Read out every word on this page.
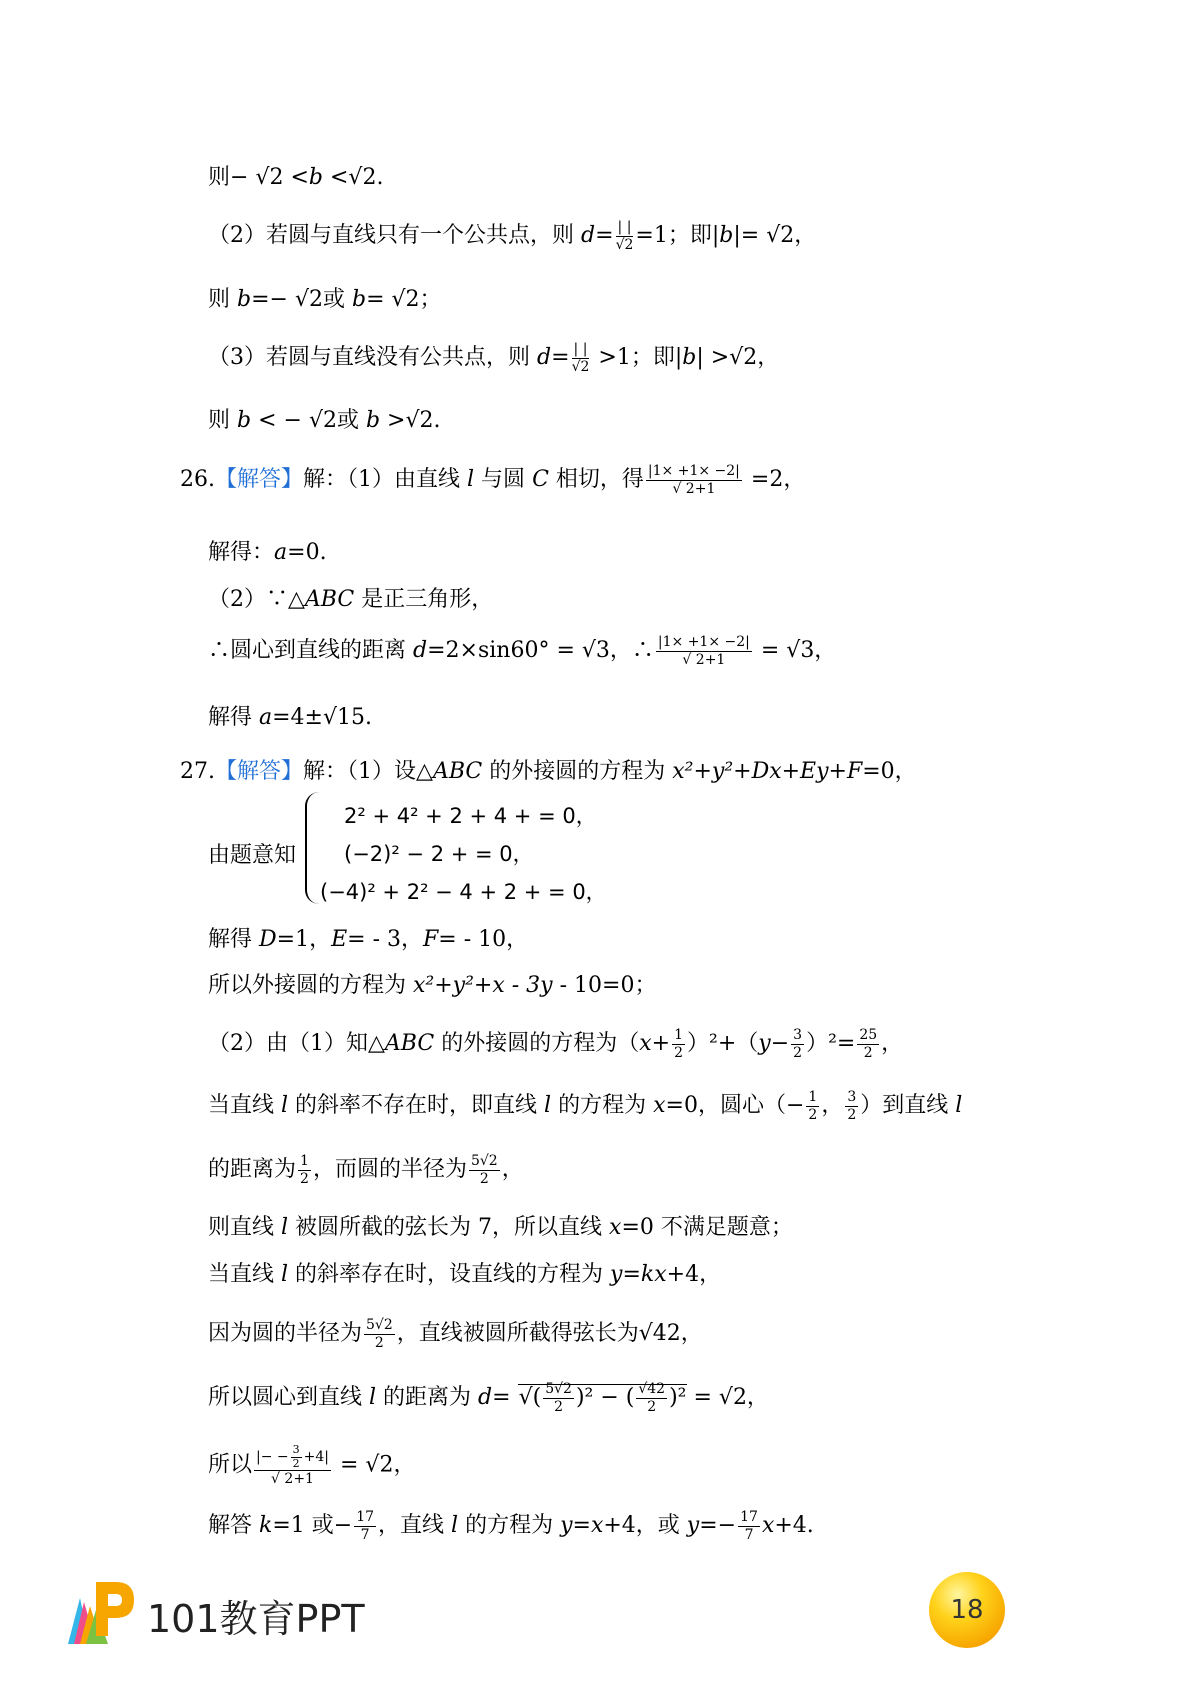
则− √2 <b <√2.
（2）若圆与直线只有一个公共点，则 $d= \frac{| |}{√2} =1$；即|b|= √2，
则 b=− √2或 b= √2；
（3）若圆与直线没有公共点，则 $d= \frac{| |}{√2} >1$；即|b| >√2，
则 b < − √2或 b >√2.
26.【解答】解：（1）由直线 l 与圆 C 相切，得 $\frac{|1\times +1\times -2|}{√ 2+1} =2$，
解得：a=0.
（2）∵△ABC 是正三角形，
∴圆心到直线的距离 d=2×sin60° = √3，∴ $\frac{|1\times +1\times -2|}{√ 2+1} = √3$，
解得 a=4±√15.
27.【解答】解：（1）设△ABC 的外接圆的方程为 x²+y²+Dx+Ey+F=0，
由题意知
2² + 4² + 2 + 4 + = 0，
(−2)² − 2 + = 0，
(−4)² + 2² − 4 + 2 + = 0，
解得 D=1，E= - 3，F= - 10，
所以外接圆的方程为 x²+y²+x - 3y - 10=0；
（2）由（1）知△ABC 的外接圆的方程为$(x+ \frac{1}{2} )^2+(y- \frac{3}{2} )^2= \frac{25}{2}$ ，
当直线 l 的斜率不存在时，即直线 l 的方程为 x=0，圆心（− $\frac{1}{2}$ ， $\frac{3}{2}$ ）到直线 l
的距离为 $\frac{1}{2}$ ，而圆的半径为 $\frac{5√2}{2}$ ，
则直线 l 被圆所截的弦长为 7，所以直线 x=0 不满足题意；
当直线 l 的斜率存在时，设直线的方程为 y=kx+4，
因为圆的半径为 $\frac{5√2}{2}$ ，直线被圆所截得弦长为√42，
所以圆心到直线 l 的距离为 d= √( $\frac{5√2}{2} )^2$ − ( $\frac{√42}{2} )^2 = √2$，
所以 $\frac{|- - \frac{3}{2} +4|}{√ 2+1} = √2$，
解答 k=1 或− $\frac{17}{7}$ ，直线 l 的方程为 y=x+4，或 $y=- \frac{17}{7} x+4$.
101教育PPT	18
